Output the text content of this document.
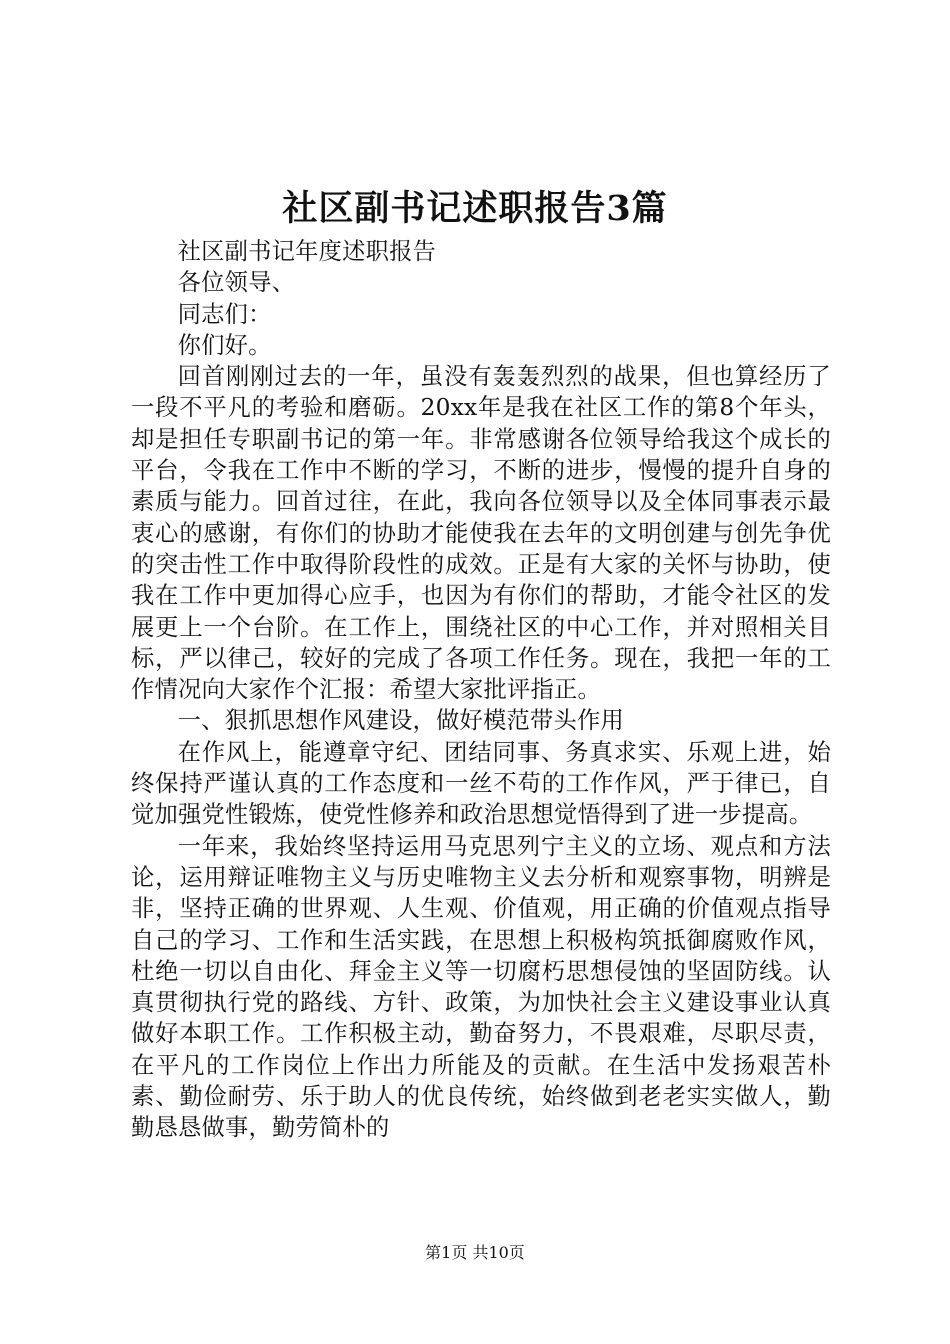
社区副书记述职报告3篇

社区副书记年度述职报告

各位领导、

同志们：

你们好。

回首刚刚过去的一年，虽没有轰轰烈烈的战果，但也算经历了一段不平凡的考验和磨砺。20xx年是我在社区工作的第8个年头，却是担任专职副书记的第一年。非常感谢各位领导给我这个成长的平台，令我在工作中不断的学习，不断的进步，慢慢的提升自身的素质与能力。回首过往，在此，我向各位领导以及全体同事表示最衷心的感谢，有你们的协助才能使我在去年的文明创建与创先争优的突击性工作中取得阶段性的成效。正是有大家的关怀与协助，使我在工作中更加得心应手，也因为有你们的帮助，才能令社区的发展更上一个台阶。在工作上，围绕社区的中心工作，并对照相关目标，严以律己，较好的完成了各项工作任务。现在，我把一年的工作情况向大家作个汇报：希望大家批评指正。

一、狠抓思想作风建设，做好模范带头作用

在作风上，能遵章守纪、团结同事、务真求实、乐观上进，始终保持严谨认真的工作态度和一丝不苟的工作作风，严于律已，自觉加强党性锻炼，使党性修养和政治思想觉悟得到了进一步提高。

一年来，我始终坚持运用马克思列宁主义的立场、观点和方法论，运用辩证唯物主义与历史唯物主义去分析和观察事物，明辨是非，坚持正确的世界观、人生观、价值观，用正确的价值观点指导自己的学习、工作和生活实践，在思想上积极构筑抵御腐败作风，杜绝一切以自由化、拜金主义等一切腐朽思想侵蚀的坚固防线。认真贯彻执行党的路线、方针、政策，为加快社会主义建设事业认真做好本职工作。工作积极主动，勤奋努力，不畏艰难，尽职尽责，在平凡的工作岗位上作出力所能及的贡献。在生活中发扬艰苦朴素、勤俭耐劳、乐于助人的优良传统，始终做到老老实实做人，勤勤恳恳做事，勤劳简朴的

第1页 共10页
